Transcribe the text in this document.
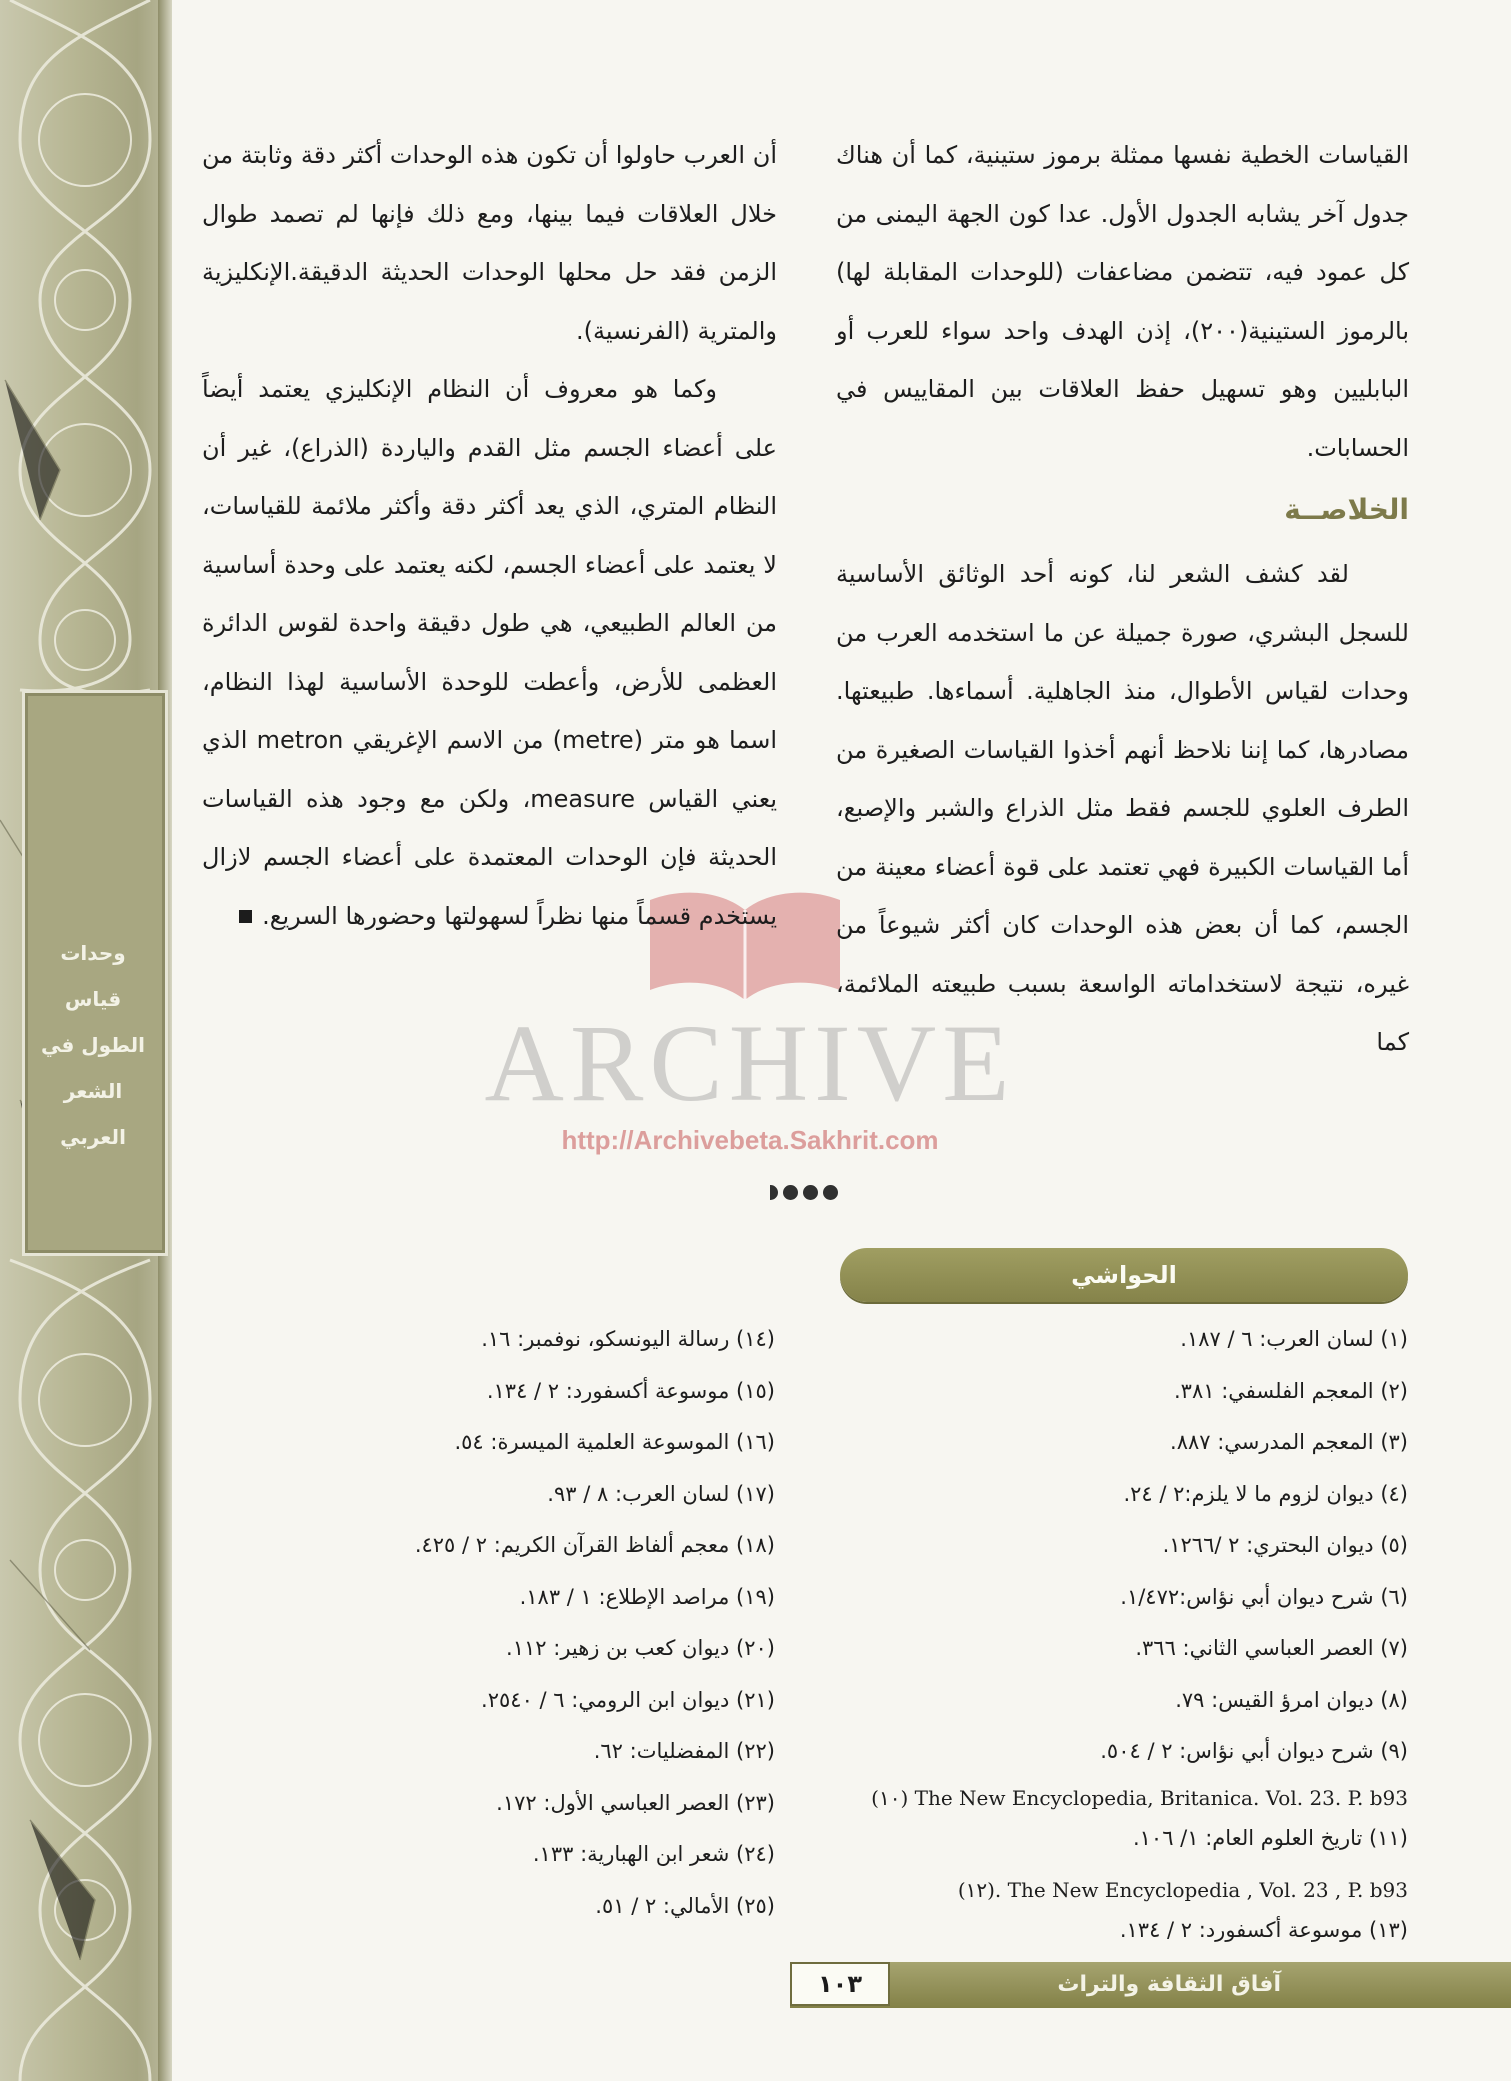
وحدات
قياس
الطول في
الشعر
العربي
ARCHIVE
http://Archivebeta.Sakhrit.com

القياسات الخطية نفسها ممثلة برموز ستينية، كما أن هناك جدول آخر يشابه الجدول الأول. عدا كون الجهة اليمنى من كل عمود فيه، تتضمن مضاعفات (للوحدات المقابلة لها) بالرموز الستينية(٢٠٠)، إذن الهدف واحد سواء للعرب أو البابليين وهو تسهيل حفظ العلاقات بين المقاييس في الحسابات.

الخلاصــة

لقد كشف الشعر لنا، كونه أحد الوثائق الأساسية للسجل البشري، صورة جميلة عن ما استخدمه العرب من وحدات لقياس الأطوال، منذ الجاهلية. أسماءها. طبيعتها. مصادرها، كما إننا نلاحظ أنهم أخذوا القياسات الصغيرة من الطرف العلوي للجسم فقط مثل الذراع والشبر والإصبع، أما القياسات الكبيرة فهي تعتمد على قوة أعضاء معينة من الجسم، كما أن بعض هذه الوحدات كان أكثر شيوعاً من غيره، نتيجة لاستخداماته الواسعة بسبب طبيعته الملائمة، كما

أن العرب حاولوا أن تكون هذه الوحدات أكثر دقة وثابتة من خلال العلاقات فيما بينها، ومع ذلك فإنها لم تصمد طوال الزمن فقد حل محلها الوحدات الحديثة الدقيقة.الإنكليزية والمترية (الفرنسية).

وكما هو معروف أن النظام الإنكليزي يعتمد أيضاً على أعضاء الجسم مثل القدم والياردة (الذراع)، غير أن النظام المتري، الذي يعد أكثر دقة وأكثر ملائمة للقياسات، لا يعتمد على أعضاء الجسم، لكنه يعتمد على وحدة أساسية من العالم الطبيعي، هي طول دقيقة واحدة لقوس الدائرة العظمى للأرض، وأعطت للوحدة الأساسية لهذا النظام، اسما هو متر (metre) من الاسم الإغريقي metron الذي يعني القياس measure، ولكن مع وجود هذه القياسات الحديثة فإن الوحدات المعتمدة على أعضاء الجسم لازال يستخدم قسماً منها نظراً لسهولتها وحضورها السريع.

الحواشي
(١) لسان العرب: ٦ / ١٨٧.
(٢) المعجم الفلسفي: ٣٨١.
(٣) المعجم المدرسي: ٨٨٧.
(٤) ديوان لزوم ما لا يلزم:٢ / ٢٤.
(٥) ديوان البحتري: ٢ /١٢٦٦.
(٦) شرح ديوان أبي نؤاس:١/٤٧٢.
(٧) العصر العباسي الثاني: ٣٦٦.
(٨) ديوان امرؤ القيس: ٧٩.
(٩) شرح ديوان أبي نؤاس: ٢ / ٥٠٤.
The New Encyclopedia, Britanica. Vol. 23. P. b93 (١٠)
(١١) تاريخ العلوم العام: ١/ ١٠٦.
The New Encyclopedia , Vol. 23 , P. b93 .(١٢)
(١٣) موسوعة أكسفورد: ٢ / ١٣٤.
(١٤) رسالة اليونسكو، نوفمبر: ١٦.
(١٥) موسوعة أكسفورد: ٢ / ١٣٤.
(١٦) الموسوعة العلمية الميسرة: ٥٤.
(١٧) لسان العرب: ٨ / ٩٣.
(١٨) معجم ألفاظ القرآن الكريم: ٢ / ٤٢٥.
(١٩) مراصد الإطلاع: ١ / ١٨٣.
(٢٠) ديوان كعب بن زهير: ١١٢.
(٢١) ديوان ابن الرومي: ٦ / ٢٥٤٠.
(٢٢) المفضليات: ٦٢.
(٢٣) العصر العباسي الأول: ١٧٢.
(٢٤) شعر ابن الهبارية: ١٣٣.
(٢٥) الأمالي: ٢ / ٥١.
آفاق الثقافة والتراث
١٠٣
